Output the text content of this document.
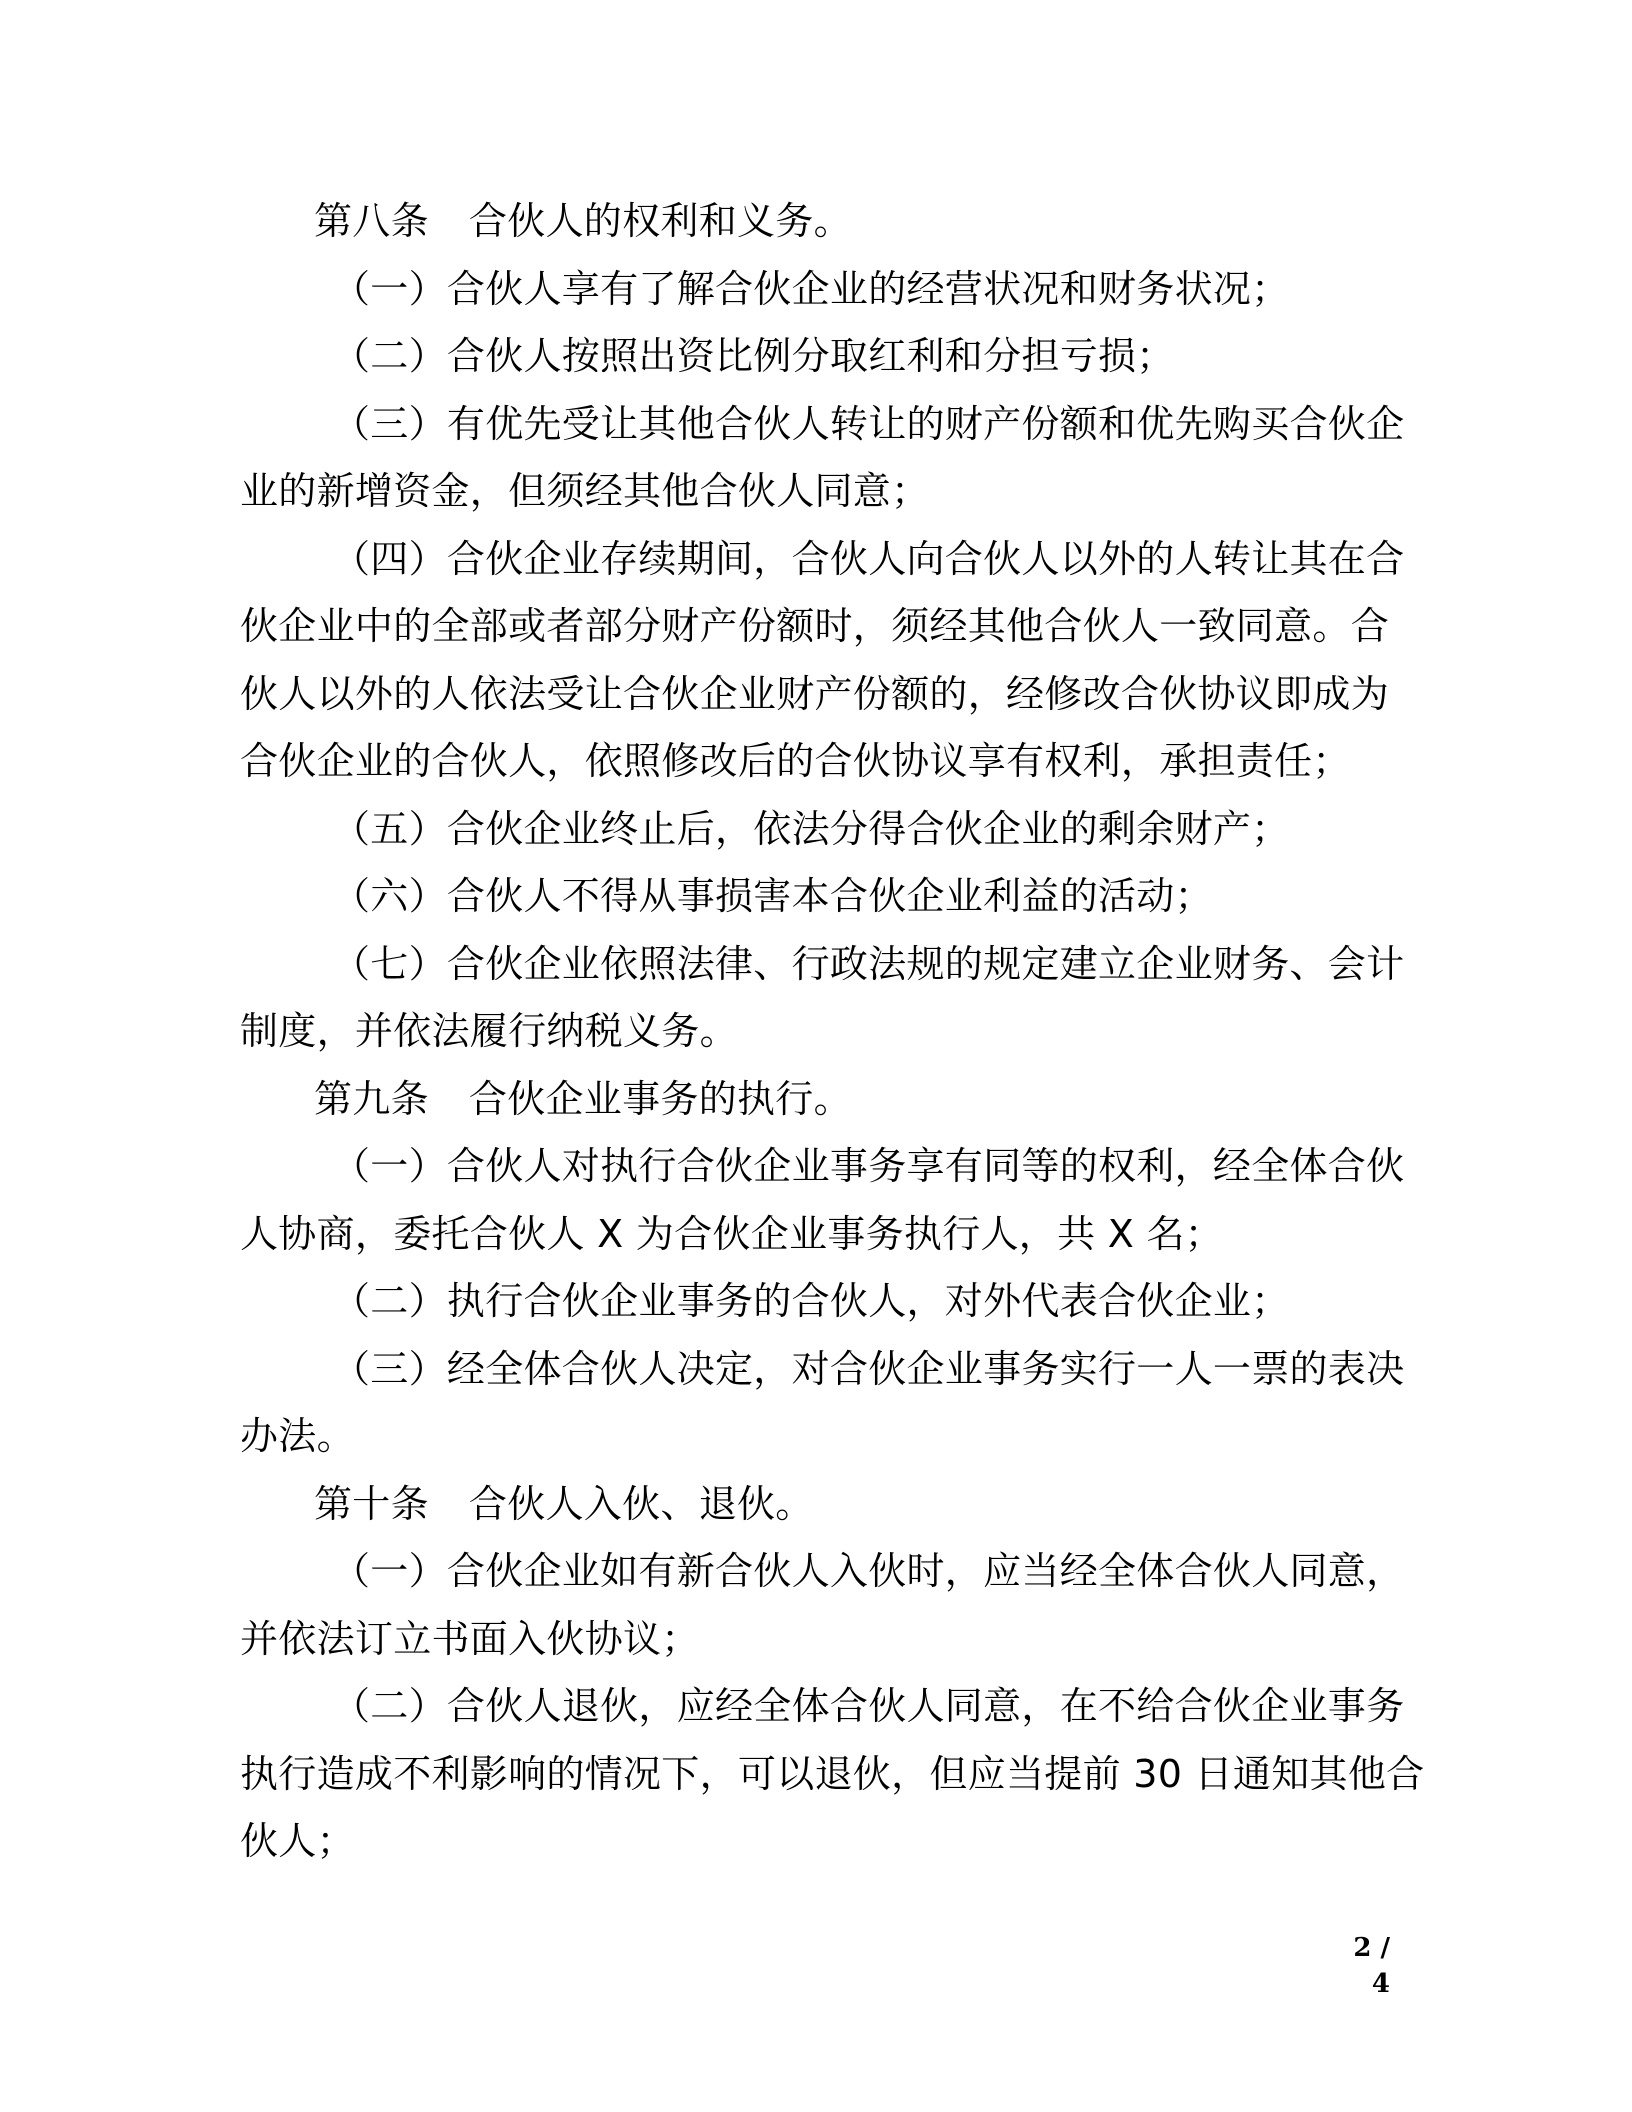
第八条 合伙人的权利和义务。
（一）合伙人享有了解合伙企业的经营状况和财务状况；
（二）合伙人按照出资比例分取红利和分担亏损；
（三）有优先受让其他合伙人转让的财产份额和优先购买合伙企
业的新增资金，但须经其他合伙人同意；
（四）合伙企业存续期间，合伙人向合伙人以外的人转让其在合
伙企业中的全部或者部分财产份额时，须经其他合伙人一致同意。合
伙人以外的人依法受让合伙企业财产份额的，经修改合伙协议即成为
合伙企业的合伙人，依照修改后的合伙协议享有权利，承担责任；
（五）合伙企业终止后，依法分得合伙企业的剩余财产；
（六）合伙人不得从事损害本合伙企业利益的活动；
（七）合伙企业依照法律、行政法规的规定建立企业财务、会计
制度，并依法履行纳税义务。
第九条 合伙企业事务的执行。
（一）合伙人对执行合伙企业事务享有同等的权利，经全体合伙
人协商，委托合伙人 X 为合伙企业事务执行人，共 X 名；
（二）执行合伙企业事务的合伙人，对外代表合伙企业；
（三）经全体合伙人决定，对合伙企业事务实行一人一票的表决
办法。
第十条 合伙人入伙、退伙。
（一）合伙企业如有新合伙人入伙时，应当经全体合伙人同意，
并依法订立书面入伙协议；
（二）合伙人退伙，应经全体合伙人同意，在不给合伙企业事务
执行造成不利影响的情况下，可以退伙，但应当提前 30 日通知其他合
伙人；
2 / 4
